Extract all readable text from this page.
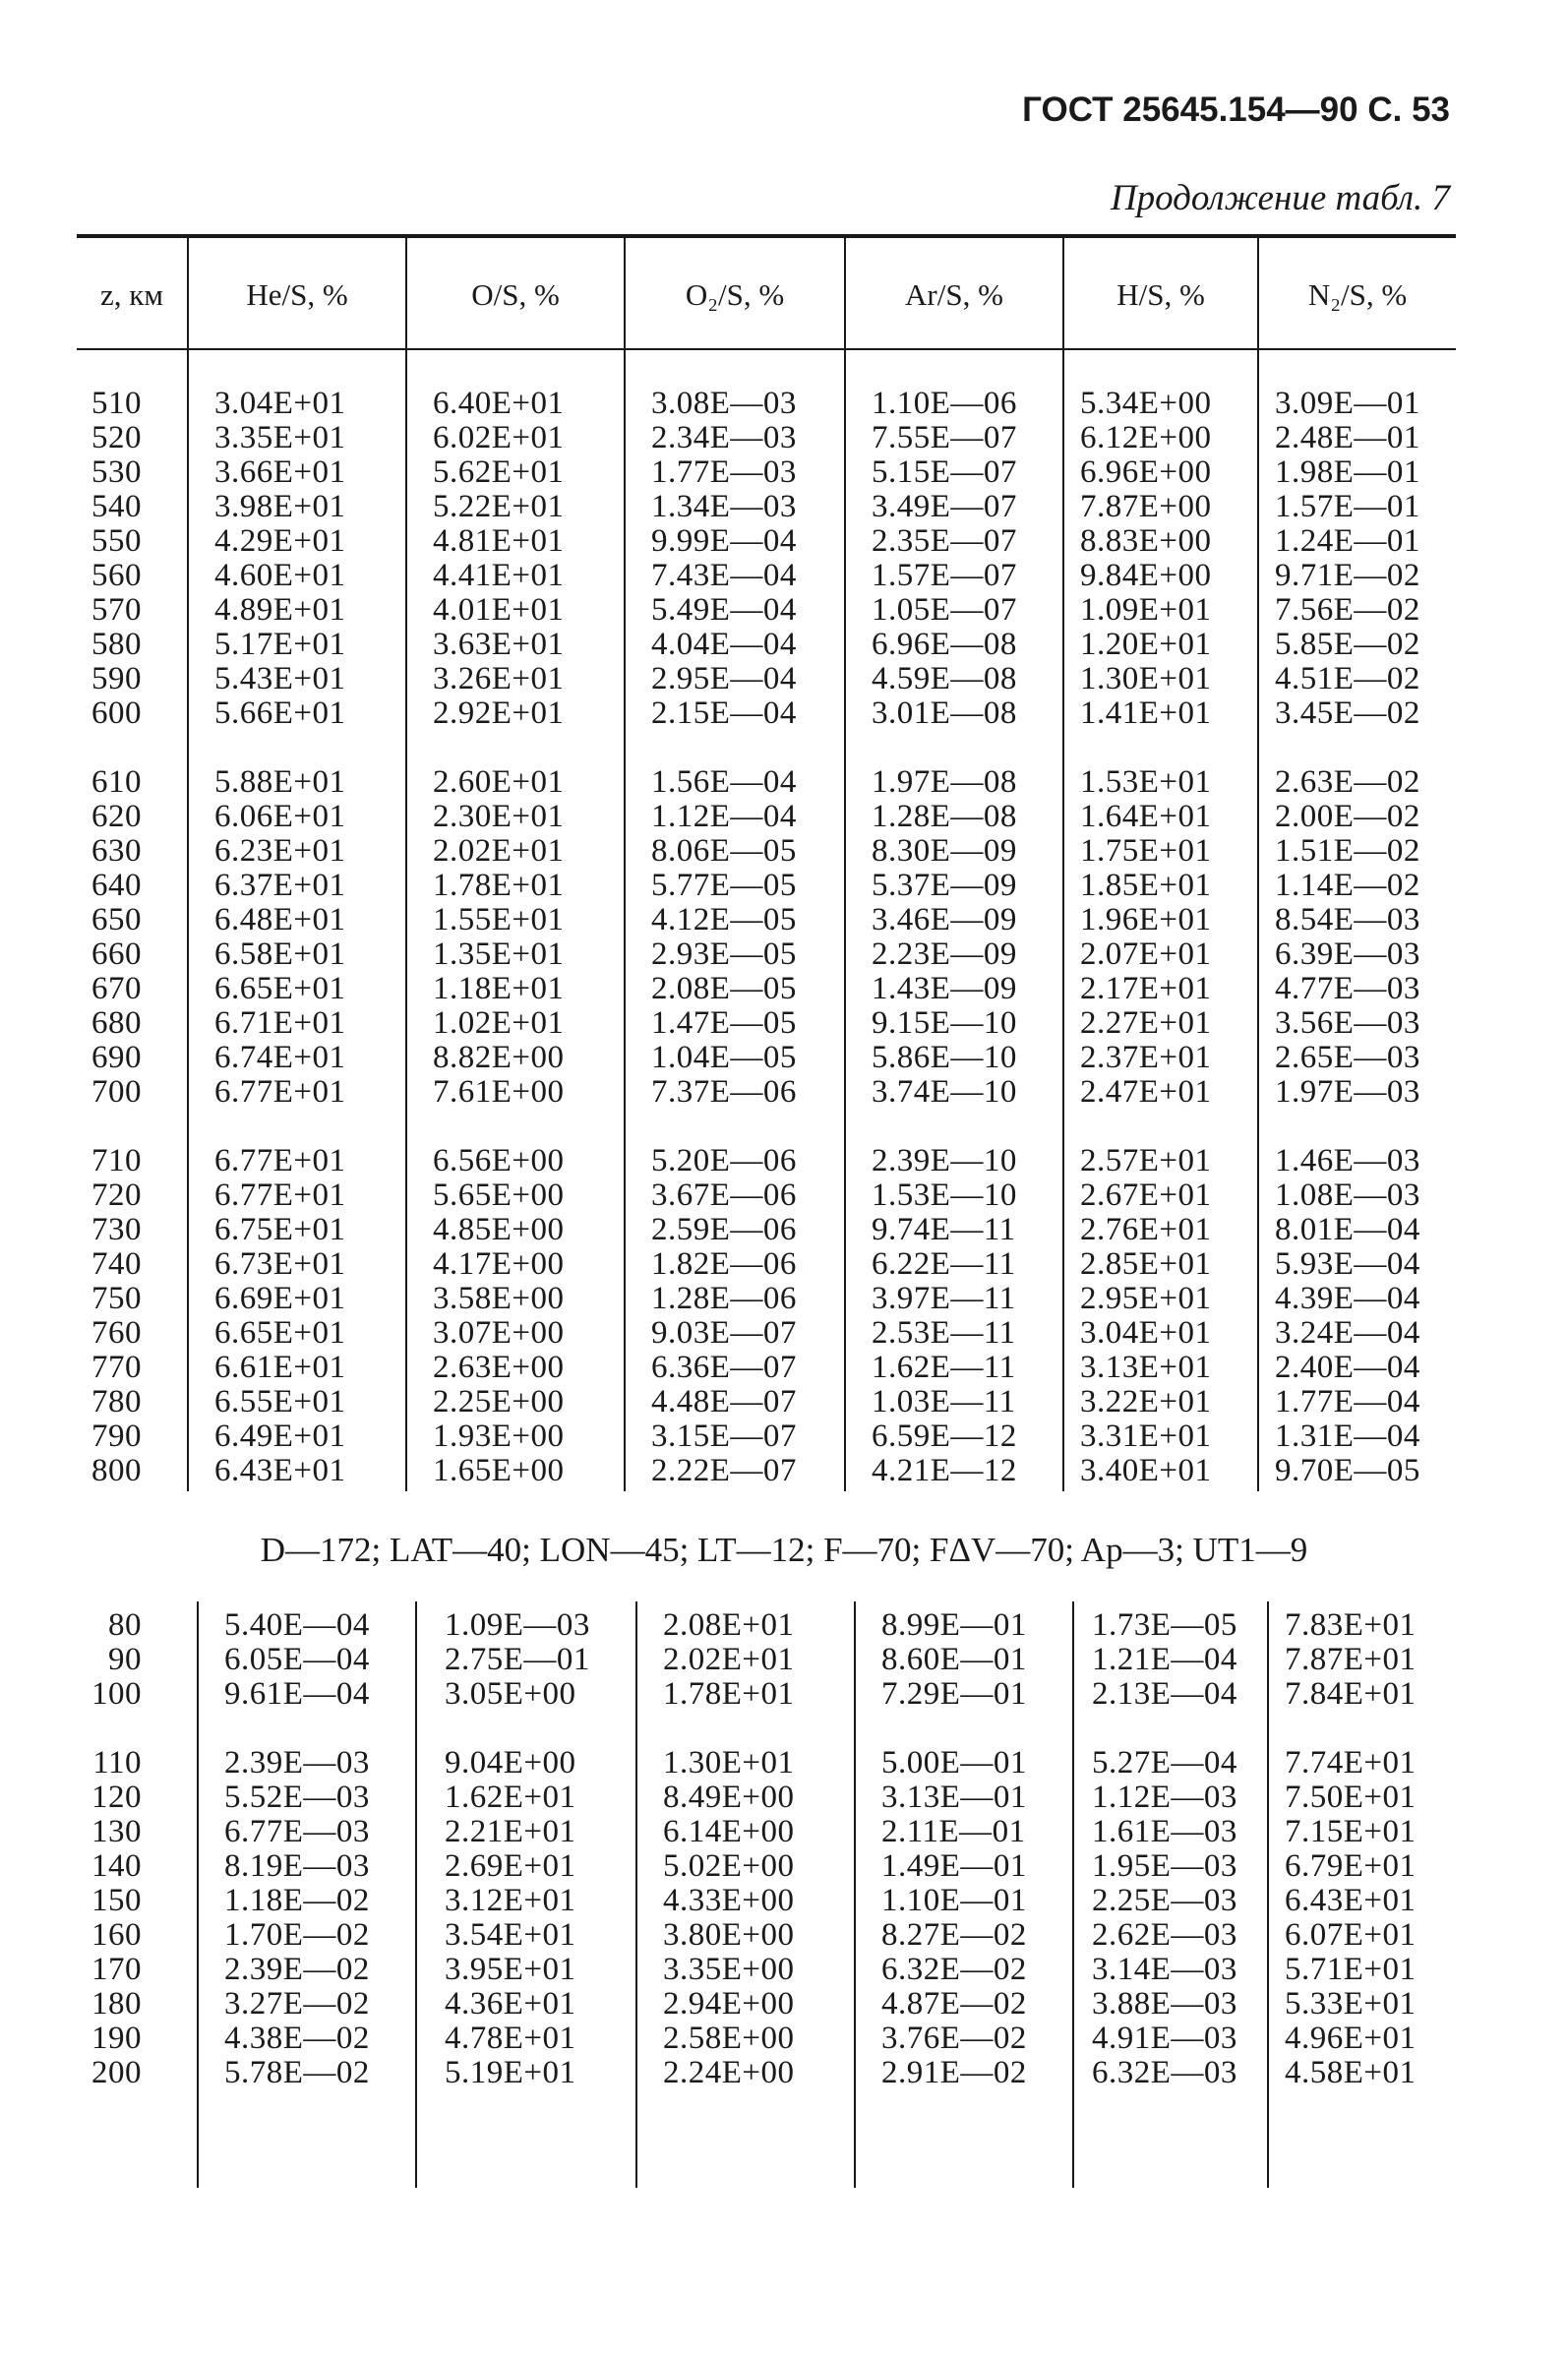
ГОСТ 25645.154—90 С. 53
Продолжение табл. 7
z, км	He/S, %	O/S, %	O₂/S, %	Ar/S, %	H/S, %	N₂/S, %
510 3.04E+01	6.40E+01	3.08E—03 1.10E—06 5.34E+00 3.09E—01
520 3.35E+01	6.02E+01	2.34E—03 7.55E—07 6.12E+00 2.48E—01
530 3.66E+01	5.62E+01	1.77E—03 5.15E—07 6.96E+00 1.98E—01
540 3.98E+01	5.22E+01	1.34E—03 3.49E—07 7.87E+00 1.57E—01
550 4.29E+01	4.81E+01	9.99E—04 2.35E—07 8.83E+00 1.24E—01
560 4.60E+01	4.41E+01	7.43E—04 1.57E—07 9.84E+00 9.71E—02
570 4.89E+01	4.01E+01	5.49E—04 1.05E—07 1.09E+01 7.56E—02
580 5.17E+01	3.63E+01	4.04E—04 6.96E—08 1.20E+01 5.85E—02
590 5.43E+01	3.26E+01	2.95E—04 4.59E—08 1.30E+01 4.51E—02
600 5.66E+01	2.92E+01	2.15E—04 3.01E—08 1.41E+01 3.45E—02
610 5.88E+01	2.60E+01	1.56E—04 1.97E—08 1.53E+01 2.63E—02
620 6.06E+01	2.30E+01	1.12E—04 1.28E—08 1.64E+01 2.00E—02
630 6.23E+01	2.02E+01	8.06E—05 8.30E—09 1.75E+01 1.51E—02
640 6.37E+01	1.78E+01	5.77E—05 5.37E—09 1.85E+01 1.14E—02
650 6.48E+01	1.55E+01	4.12E—05 3.46E—09 1.96E+01 8.54E—03
660 6.58E+01	1.35E+01	2.93E—05 2.23E—09 2.07E+01 6.39E—03
670 6.65E+01	1.18E+01	2.08E—05 1.43E—09 2.17E+01 4.77E—03
680 6.71E+01	1.02E+01	1.47E—05 9.15E—10 2.27E+01 3.56E—03
690 6.74E+01	8.82E+00	1.04E—05 5.86E—10 2.37E+01 2.65E—03
700 6.77E+01	7.61E+00	7.37E—06 3.74E—10 2.47E+01 1.97E—03
710 6.77E+01	6.56E+00	5.20E—06 2.39E—10 2.57E+01 1.46E—03
720 6.77E+01	5.65E+00	3.67E—06 1.53E—10 2.67E+01 1.08E—03
730 6.75E+01	4.85E+00	2.59E—06 9.74E—11 2.76E+01 8.01E—04
740 6.73E+01	4.17E+00	1.82E—06 6.22E—11 2.85E+01 5.93E—04
750 6.69E+01	3.58E+00	1.28E—06 3.97E—11 2.95E+01 4.39E—04
760 6.65E+01	3.07E+00	9.03E—07 2.53E—11 3.04E+01 3.24E—04
770 6.61E+01	2.63E+00	6.36E—07 1.62E—11 3.13E+01 2.40E—04
780 6.55E+01	2.25E+00	4.48E—07 1.03E—11 3.22E+01 1.77E—04
790 6.49E+01	1.93E+00	3.15E—07 6.59E—12 3.31E+01 1.31E—04
800 6.43E+01	1.65E+00	2.22E—07 4.21E—12 3.40E+01 9.70E—05
D—172; LAT—40; LON—45; LT—12; F—70; FΔV—70; Ap—3; UT1—9
80	5.40E—04 1.09E—03 2.08E+01	8.99E—01 1.73E—05 7.83E+01
90	6.05E—04 2.75E—01 2.02E+01	8.60E—01 1.21E—04 7.87E+01
100	9.61E—04 3.05E+00	1.78E+01	7.29E—01 2.13E—04 7.84E+01
110	2.39E—03 9.04E+00	1.30E+01	5.00E—01 5.27E—04 7.74E+01
120	5.52E—03 1.62E+01	8.49E+00	3.13E—01 1.12E—03 7.50E+01
130	6.77E—03 2.21E+01	6.14E+00	2.11E—01 1.61E—03 7.15E+01
140	8.19E—03 2.69E+01	5.02E+00	1.49E—01 1.95E—03 6.79E+01
150	1.18E—02 3.12E+01	4.33E+00	1.10E—01 2.25E—03 6.43E+01
160	1.70E—02 3.54E+01	3.80E+00	8.27E—02 2.62E—03 6.07E+01
170	2.39E—02 3.95E+01	3.35E+00	6.32E—02 3.14E—03 5.71E+01
180	3.27E—02 4.36E+01	2.94E+00	4.87E—02 3.88E—03 5.33E+01
190	4.38E—02 4.78E+01	2.58E+00	3.76E—02 4.91E—03 4.96E+01
200	5.78E—02 5.19E+01	2.24E+00	2.91E—02 6.32E—03 4.58E+01
